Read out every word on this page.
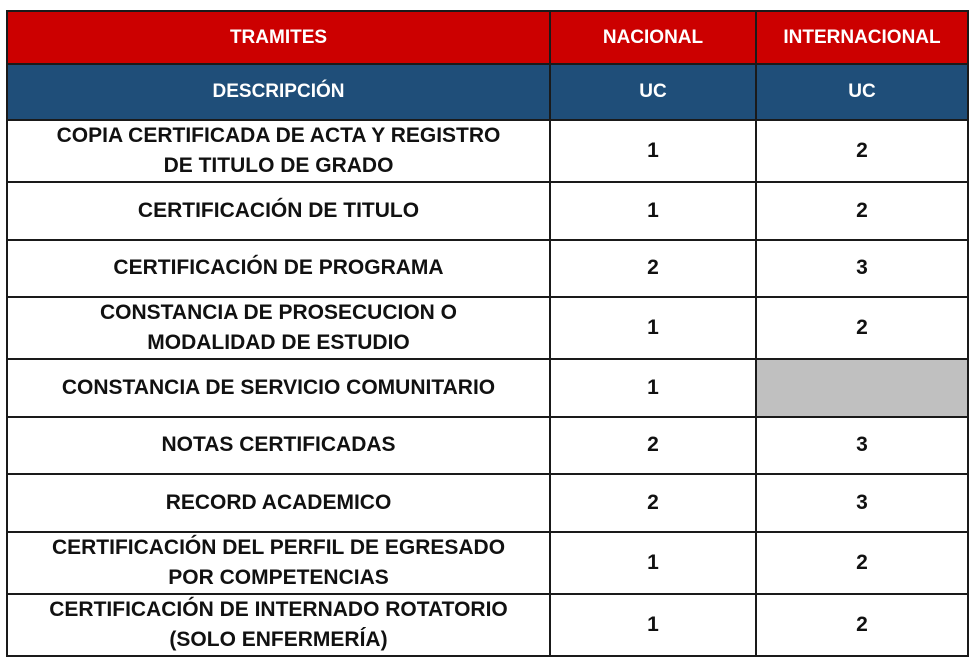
TRAMITES	NACIONAL	INTERNACIONAL
DESCRIPCIÓN	UC	UC
COPIA CERTIFICADA DE ACTA Y REGISTRO
DE TITULO DE GRADO	1	2
CERTIFICACIÓN DE TITULO	1	2
CERTIFICACIÓN DE PROGRAMA	2	3
CONSTANCIA DE PROSECUCION O
MODALIDAD DE ESTUDIO	1	2
CONSTANCIA DE SERVICIO COMUNITARIO	1	
NOTAS CERTIFICADAS	2	3
RECORD ACADEMICO	2	3
CERTIFICACIÓN DEL PERFIL DE EGRESADO
POR COMPETENCIAS	1	2
CERTIFICACIÓN DE INTERNADO ROTATORIO
(SOLO ENFERMERÍA)	1	2
